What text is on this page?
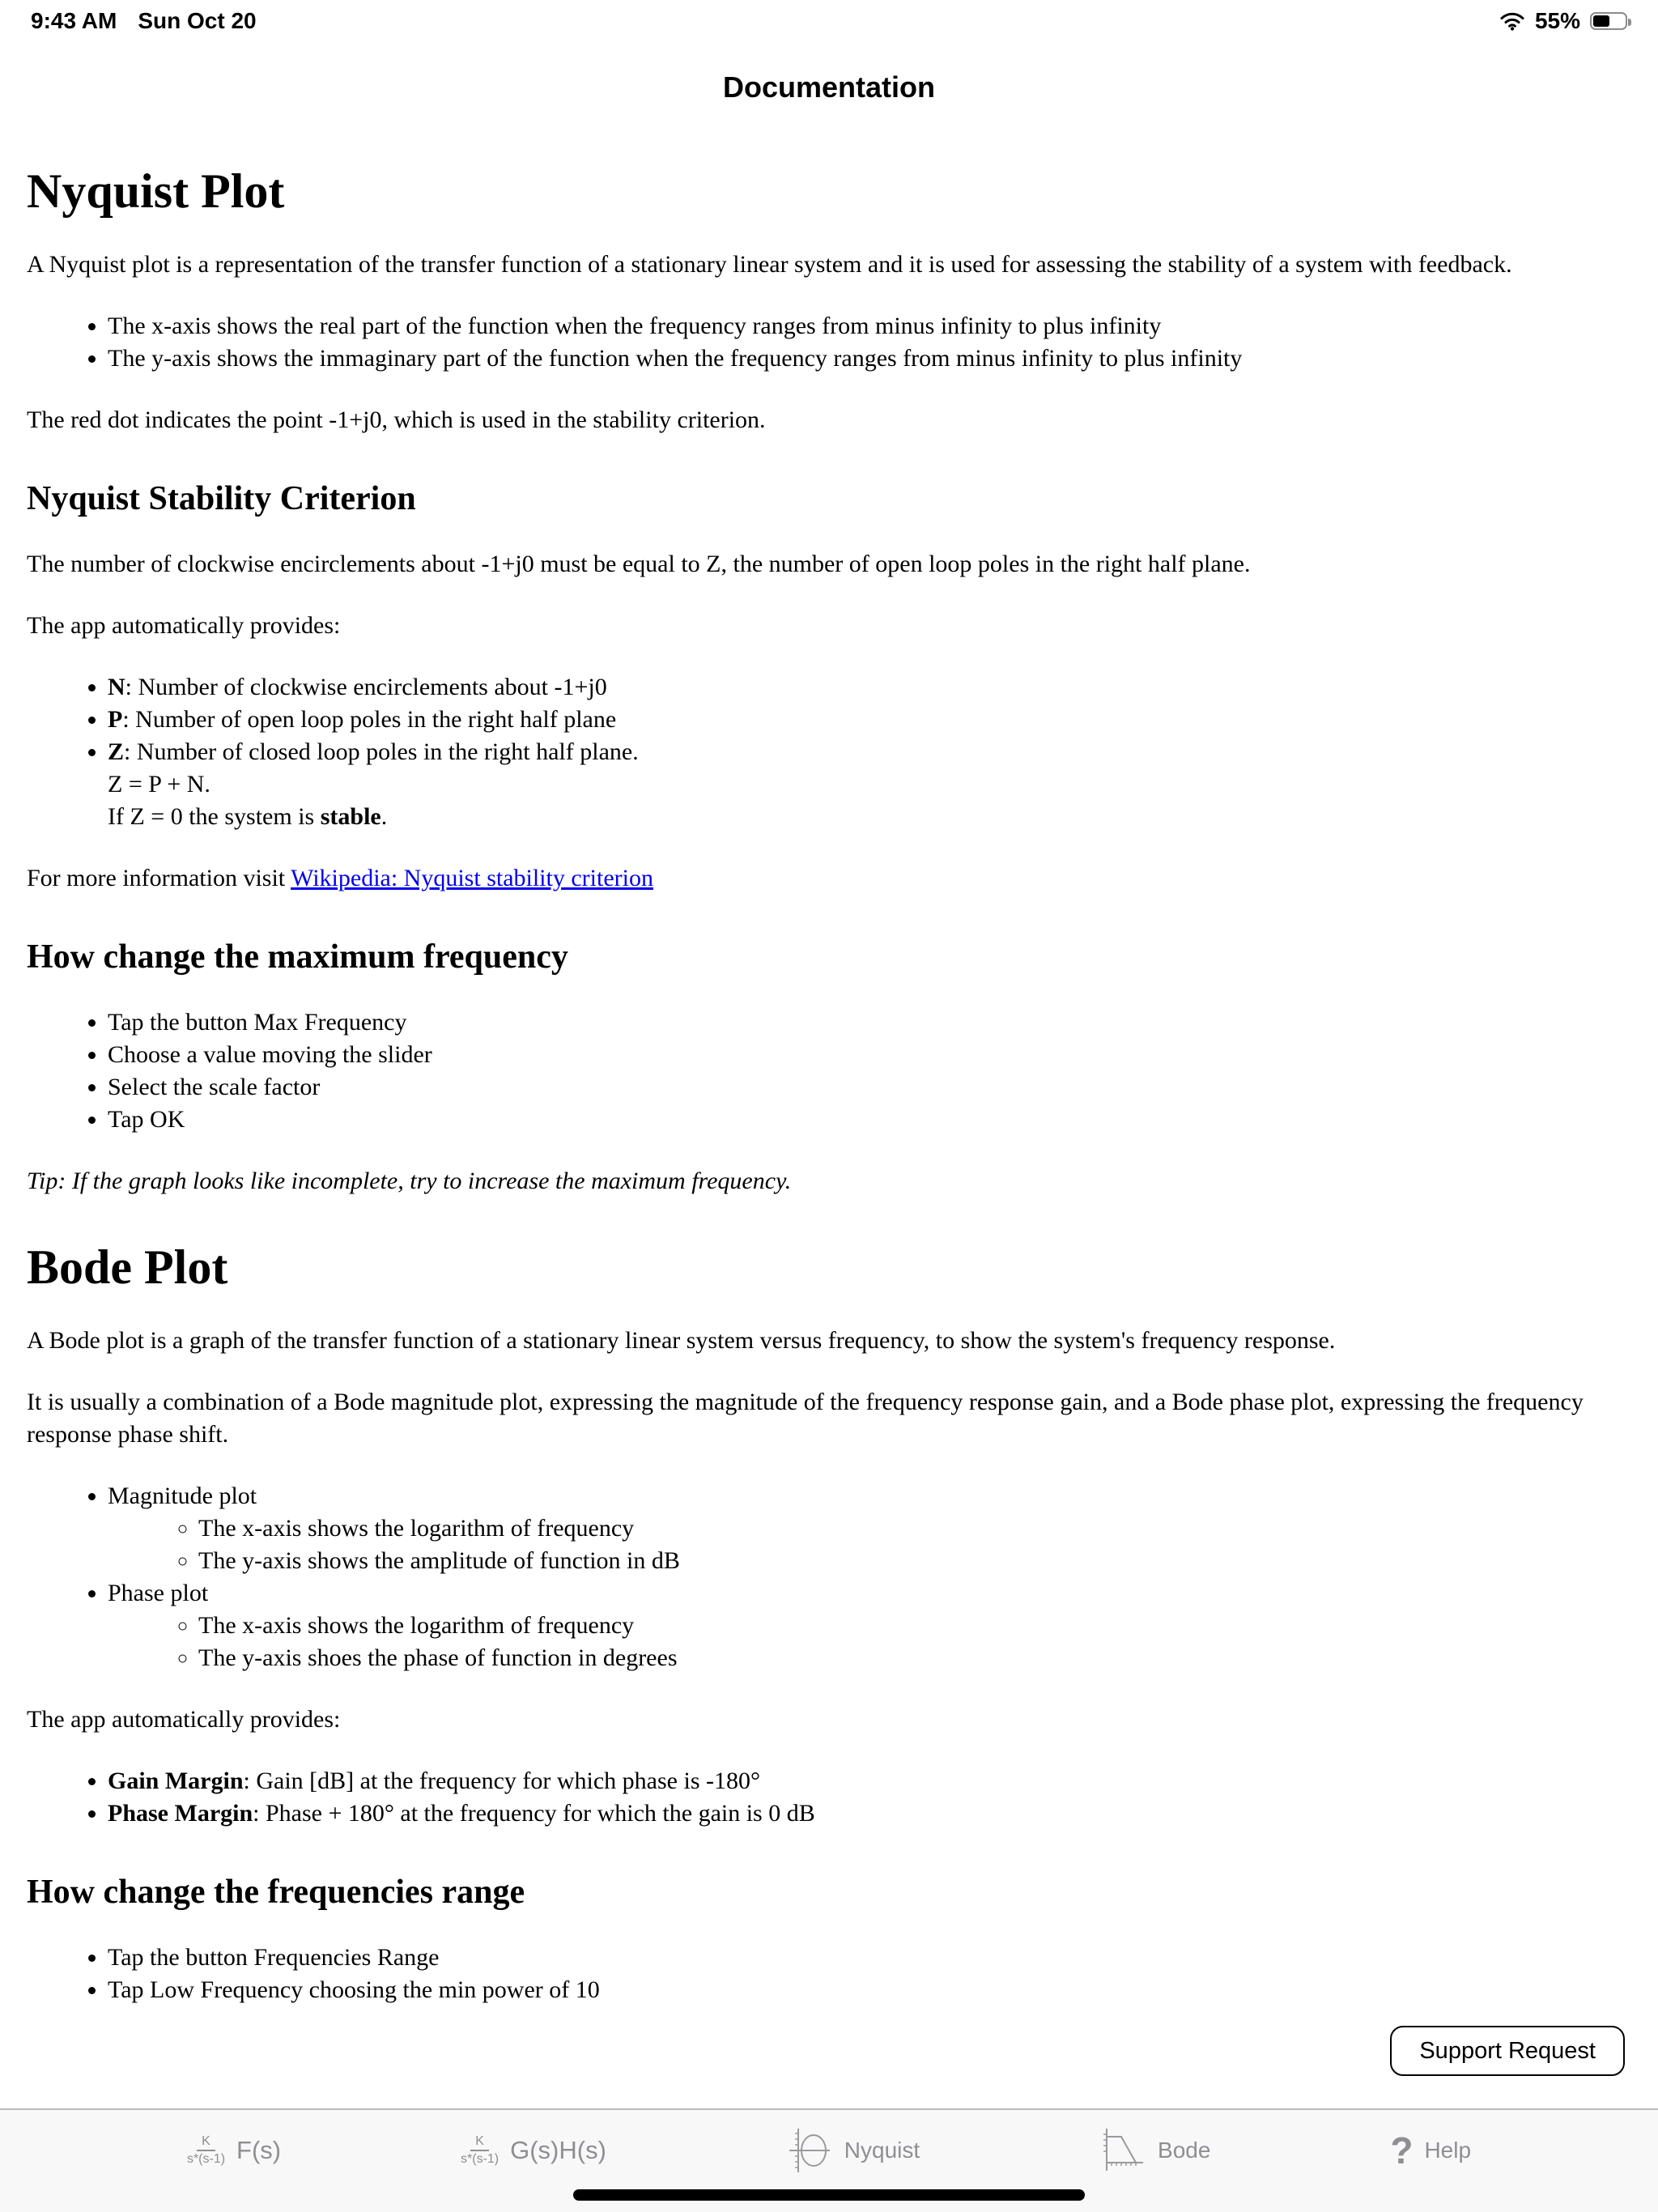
9:43 AM Sun Oct 20	55%
Documentation
Nyquist Plot

A Nyquist plot is a representation of the transfer function of a stationary linear system and it is used for assessing the stability of a system with feedback.

• The x-axis shows the real part of the function when the frequency ranges from minus infinity to plus infinity
• The y-axis shows the immaginary part of the function when the frequency ranges from minus infinity to plus infinity

The red dot indicates the point -1+j0, which is used in the stability criterion.

Nyquist Stability Criterion

The number of clockwise encirclements about -1+j0 must be equal to Z, the number of open loop poles in the right half plane.

The app automatically provides:

• N: Number of clockwise encirclements about -1+j0
• P: Number of open loop poles in the right half plane
• Z: Number of closed loop poles in the right half plane.
Z = P + N.
If Z = 0 the system is stable.

For more information visit Wikipedia: Nyquist stability criterion

How change the maximum frequency
• Tap the button Max Frequency
• Choose a value moving the slider
• Select the scale factor
• Tap OK

Tip: If the graph looks like incomplete, try to increase the maximum frequency.

Bode Plot

A Bode plot is a graph of the transfer function of a stationary linear system versus frequency, to show the system's frequency response.

It is usually a combination of a Bode magnitude plot, expressing the magnitude of the frequency response gain, and a Bode phase plot, expressing the frequency response phase shift.

• Magnitude plot
◦ The x-axis shows the logarithm of frequency
◦ The y-axis shows the amplitude of function in dB
• Phase plot
◦ The x-axis shows the logarithm of frequency
◦ The y-axis shoes the phase of function in degrees

The app automatically provides:

• Gain Margin: Gain [dB] at the frequency for which phase is -180°
• Phase Margin: Phase + 180° at the frequency for which the gain is 0 dB
How change the frequencies range
• Tap the button Frequencies Range
• Tap Low Frequency choosing the min power of 10
Support Request
$\frac{K}{s*(s-1)} F(s)$	$\frac{K}{s*(s-1)} G(s)H(s)$	Nyquist	Bode	? Help
